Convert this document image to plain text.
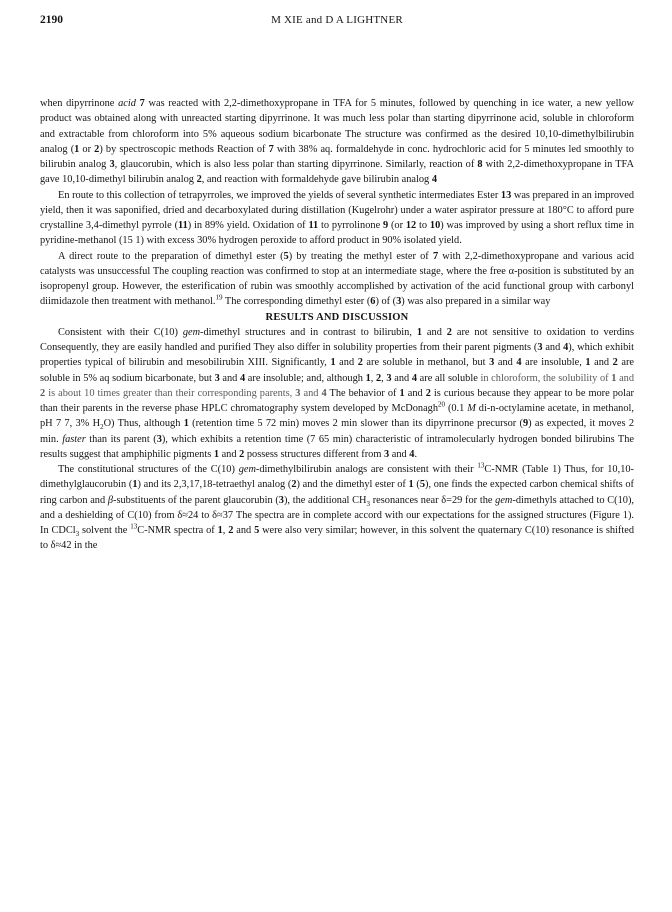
2190	M XIE and D A LIGHTNER

when dipyrrinone acid 7 was reacted with 2,2-dimethoxypropane in TFA for 5 minutes, followed by quenching in ice water, a new yellow product was obtained along with unreacted starting dipyrrinone. It was much less polar than starting dipyrrinone acid, soluble in chloroform and extractable from chloroform into 5% aqueous sodium bicarbonate The structure was confirmed as the desired 10,10-dimethylbilirubin analog (1 or 2) by spectroscopic methods Reaction of 7 with 38% aq. formaldehyde in conc. hydrochloric acid for 5 minutes led smoothly to bilirubin analog 3, glaucorubin, which is also less polar than starting dipyrrinone. Similarly, reaction of 8 with 2,2-dimethoxypropane in TFA gave 10,10-dimethyl bilirubin analog 2, and reaction with formaldehyde gave bilirubin analog 4

En route to this collection of tetrapyrroles, we improved the yields of several synthetic intermediates Ester 13 was prepared in an improved yield, then it was saponified, dried and decarboxylated during distillation (Kugelrohr) under a water aspirator pressure at 180°C to afford pure crystalline 3,4-dimethyl pyrrole (11) in 89% yield. Oxidation of 11 to pyrrolinone 9 (or 12 to 10) was improved by using a short reflux time in pyridine-methanol (15 1) with excess 30% hydrogen peroxide to afford product in 90% isolated yield.

A direct route to the preparation of dimethyl ester (5) by treating the methyl ester of 7 with 2,2-dimethoxypropane and various acid catalysts was unsuccessful The coupling reaction was confirmed to stop at an intermediate stage, where the free α-position is substituted by an isopropenyl group. However, the esterification of rubin was smoothly accomplished by activation of the acid functional group with carbonyl diimidazole then treatment with methanol.$^{19}$ The corresponding dimethyl ester (6) of (3) was also prepared in a similar way

RESULTS AND DISCUSSION

Consistent with their C(10) gem-dimethyl structures and in contrast to bilirubin, 1 and 2 are not sensitive to oxidation to verdins Consequently, they are easily handled and purified They also differ in solubility properties from their parent pigments (3 and 4), which exhibit properties typical of bilirubin and mesobilirubin XIII. Significantly, 1 and 2 are soluble in methanol, but 3 and 4 are insoluble, 1 and 2 are soluble in 5% aq sodium bicarbonate, but 3 and 4 are insoluble; and, although 1, 2, 3 and 4 are all soluble in chloroform, the solubility of 1 and 2 is about 10 times greater than their corresponding parents, 3 and 4 The behavior of 1 and 2 is curious because they appear to be more polar than their parents in the reverse phase HPLC chromatography system developed by McDonagh$^{20}$ (0.1 M di-n-octylamine acetate, in methanol, pH 7 7, 3% $H_2O$) Thus, although 1 (retention time 5 72 min) moves 2 min slower than its dipyrrinone precursor (9) as expected, it moves 2 min. faster than its parent (3), which exhibits a retention time (7 65 min) characteristic of intramolecularly hydrogen bonded bilirubins The results suggest that amphiphilic pigments 1 and 2 possess structures different from 3 and 4.

The constitutional structures of the C(10) gem-dimethylbilirubin analogs are consistent with their $^{13}$C-NMR (Table 1) Thus, for 10,10-dimethylglaucorubin (1) and its 2,3,17,18-tetraethyl analog (2) and the dimethyl ester of 1 (5), one finds the expected carbon chemical shifts of ring carbon and β-substituents of the parent glaucorubin (3), the additional $CH_3$ resonances near δ=29 for the gem-dimethyls attached to C(10), and a deshielding of C(10) from δ≈24 to δ≈37 The spectra are in complete accord with our expectations for the assigned structures (Figure 1). In CDCl$_3$ solvent the $^{13}$C-NMR spectra of 1, 2 and 5 were also very similar; however, in this solvent the quaternary C(10) resonance is shifted to δ≈42 in the
